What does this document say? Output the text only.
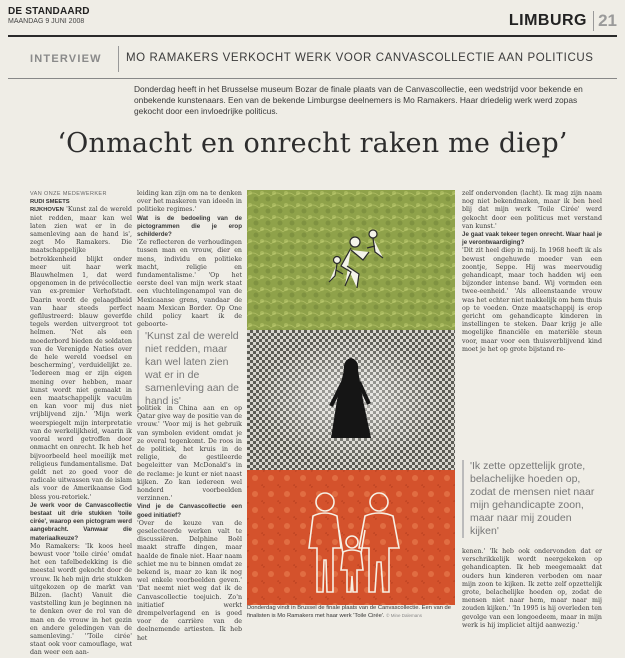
DE STANDAARD
MAANDAG 9 JUNI 2008	LIMBURG 21
INTERVIEW MO RAMAKERS VERKOCHT WERK VOOR CANVASCOLLECTIE AAN POLITICUS
Donderdag heeft in het Brusselse museum Bozar de finale plaats van de Canvascollectie, een wedstrijd voor bekende en onbekende kunstenaars. Een van de bekende Limburgse deelnemers is Mo Ramakers. Haar driedelig werk werd zopas gekocht door een invloedrijke politicus.
‘Onmacht en onrecht raken me diep’
VAN ONZE MEDEWERKER
RUDI SMEETS
RIJKHOVEN 'Kunst zal de wereld niet redden, maar kan wel laten zien wat er in de samenleving aan de hand is', zegt Mo Ramakers. Die maatschappelijke betrokkenheid blijkt onder meer uit haar werk Blauwhelmen 1, dat werd opgenomen in de privécollectie van ex-premier Verhofstadt. Daarin wordt de gelaagdheid van haar steeds perfect gefilustreerd: blauw geverfde tegels werden uitvergroot tot helmen. 'Net als een moederbord bieden de soldaten van de Verenigde Naties over de hele wereld voedsel en bescherming', verduidelijkt ze. 'Iedereen mag er zijn eigen mening over hebben, maar kunst wordt niet gemaakt in een maatschappelijk vacuüm en kan voor mij dus niet vrijblijvend zijn.' 'Mijn werk weerspiegelt mijn interpretatie van de werkelijkheid, waarin ik vooral word getroffen door onmacht en onrecht. Ik heb het bijvoorbeeld heel moeilijk met religieus fundamentalisme. Dat geldt net zo goed voor de radicale uitwassen van de islam als voor de Amerikaanse God bless you-retoriek.'

Je werk voor de Canvascollectie bestaat uit drie stukken 'toile cirée', waarop een pictogram werd aangebracht. Vanwaar die materiaalkeuze?

Mo Ramakers: 'Ik koos heel bewust voor 'toile cirée' omdat het een tafelbedekking is die meestal wordt gekocht door de vrouw. Ik heb mijn drie stukken uitgekozen op de markt van Bilzen. (lacht) Vanuit die vaststelling kun je beginnen na te denken over de rol van de man en de vrouw in het gezin en andere geledingen van de samenleving.' ''Toile cirée' staat ook voor camouflage, wat dan weer een aan-

leiding kan zijn om na te denken over het maskeren van ideeën in politieke regimes.'

Wat is de bedoeling van de pictogrammen die je erop schilderde?

'Ze reflecteren de verhoudingen tussen man en vrouw, dier en mens, individu en politieke macht, religie en fundamentalisme.' 'Op het eerste deel van mijn werk staat een vluchtelingenampol van de Mexicaanse grens, vandaar de naam Mexican Border. Op One child policy kaart ik de geboorte-

'Kunst zal de wereld niet redden, maar kan wel laten zien wat er in de samenleving aan de hand is'

politiek in China aan en op Qatar give way de positie van de vrouw.' 'Voor mij is het gebruik van symbolen evident omdat je ze overal tegenkomt. De roos in de politiek, het kruis in de religie, de gestileerde begeleitter van McDonald's in de reclame: je kunt er niet naast kijken. Zo kan iedereen wel honderd voorbeelden verzinnen.'

Vind je de Canvascollectie een goed initiatief?

'Over de keuze van de geselecteerde werken valt te discussiëren. Delphine Boël maakt straffe dingen, maar haalde de finale niet. Haar naam schiet me nu te binnen omdat ze bekend is, maar zo kan ik nog wel enkele voorbeelden geven.' 'Dat neemt niet weg dat ik de Canvascollectie toejuich. Zo'n initiatief werkt drempelverlagend en is goed voor de carrière van de deelnemende artiesten. Ik heb het

Donderdag vindt in Brussel de finale plaats van de Canvascollectie. Een van de finalisten is Mo Ramakers met haar werk 'Toile Cirée'. © Mine Dalemans

zelf ondervonden (lacht). Ik mag zijn naam nog niet bekendmaken, maar ik ben heel blij dat mijn werk 'Toile Cirée' werd gekocht door een politicus met verstand van kunst.'

Je gaat vaak tekeer tegen onrecht. Waar haal je je verontwaardiging?

'Dit zit heel diep in mij. In 1968 heeft ik als bewust ongehuwde moeder van een zoontje, Seppe. Hij was meervoudig gehandicapt, maar toch hadden wij een bijzonder intense band. Wij vormden een twee-eenheid.' 'Als alleenstaande vrouw was het echter niet makkelijk om hem thuis op te voeden. Onze maatschappij is erop gericht om gehandicapte kinderen in instellingen te steken. Daar krijg je alle mogelijke financiële en materiële steun voor, maar voor een thuisverblijvend kind moet je het op grote bijstand re-

'Ik zette opzettelijk grote, belachelijke hoeden op, zodat de mensen niet naar mijn gehandicapte zoon, maar naar mij zouden kijken'

kenen.' 'Ik heb ook ondervonden dat er verschrikkelijk wordt neergekeken op gehandicapten. Ik heb meegemaakt dat ouders hun kinderen verboden om naar mijn zoon te kijken. Ik zette zelf opzettelijk grote, belachelijke hoeden op, zodat de mensen niet naar hem, maar naar mij zouden kijken.' 'In 1995 is hij overleden ten gevolge van een longoedeem, maar in mijn werk is hij impliciet altijd aanwezig.'
